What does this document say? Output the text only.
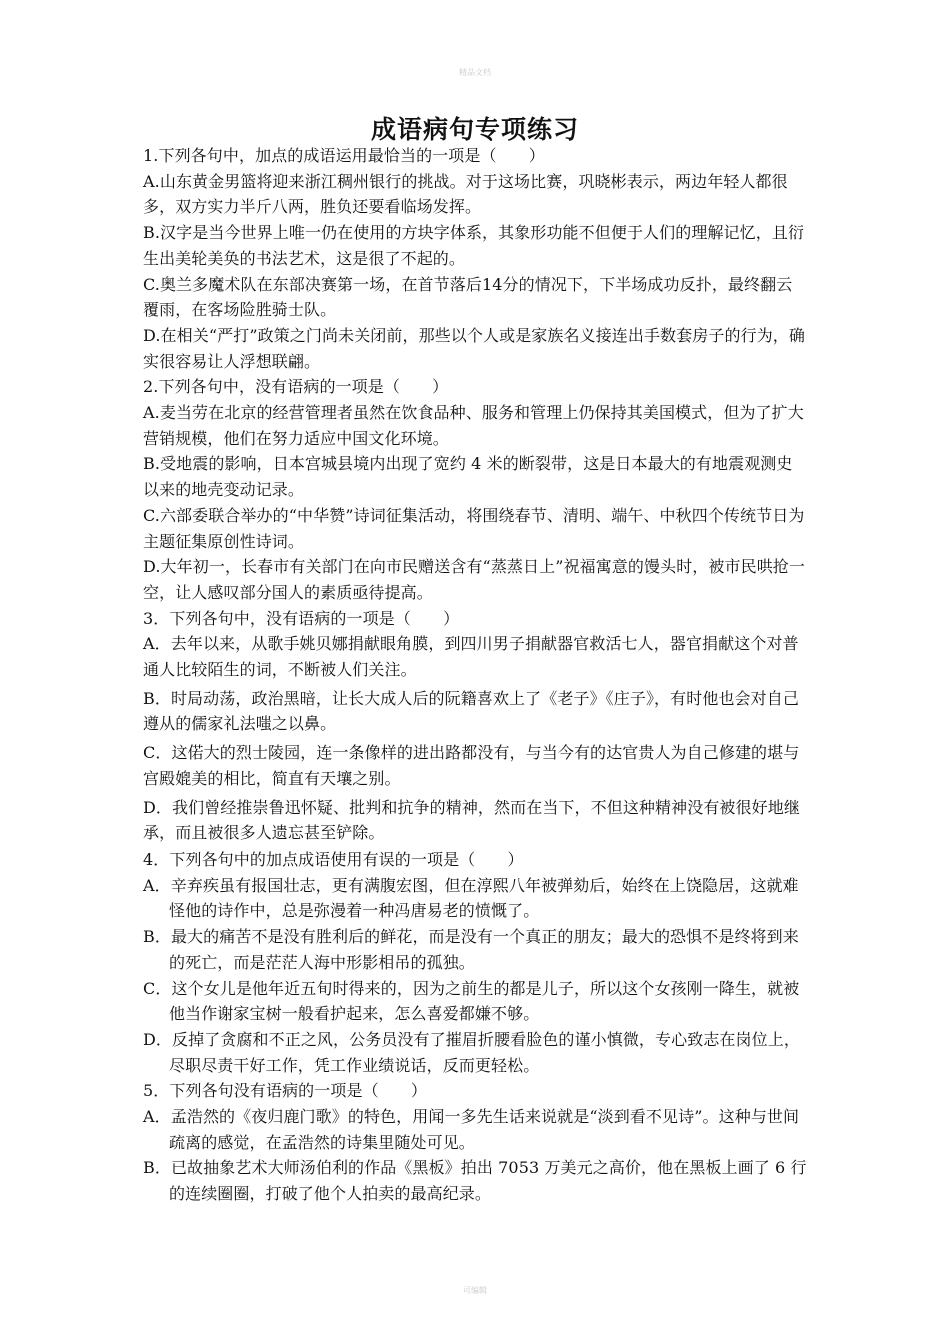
精品文档
成语病句专项练习

1.下列各句中，加点的成语运用最恰当的一项是（　　）

A.山东黄金男篮将迎来浙江稠州银行的挑战。对于这场比赛，巩晓彬表示，两边年轻人都很多，双方实力半斤八两，胜负还要看临场发挥。

B.汉字是当今世界上唯一仍在使用的方块字体系，其象形功能不但便于人们的理解记忆，且衍生出美轮美奂的书法艺术，这是很了不起的。

C.奥兰多魔术队在东部决赛第一场，在首节落后14分的情况下，下半场成功反扑，最终翻云覆雨，在客场险胜骑士队。

D.在相关“严打”政策之门尚未关闭前，那些以个人或是家族名义接连出手数套房子的行为，确实很容易让人浮想联翩。

2.下列各句中，没有语病的一项是（　　）

A.麦当劳在北京的经营管理者虽然在饮食品种、服务和管理上仍保持其美国模式，但为了扩大营销规模，他们在努力适应中国文化环境。

B.受地震的影响，日本宫城县境内出现了宽约 4 米的断裂带，这是日本最大的有地震观测史以来的地壳变动记录。

C.六部委联合举办的“中华赞”诗词征集活动，将围绕春节、清明、端午、中秋四个传统节日为主题征集原创性诗词。

D.大年初一，长春市有关部门在向市民赠送含有“蒸蒸日上”祝福寓意的馒头时，被市民哄抢一空，让人感叹部分国人的素质亟待提高。

3．下列各句中，没有语病的一项是（　　）

A．去年以来，从歌手姚贝娜捐献眼角膜，到四川男子捐献器官救活七人，器官捐献这个对普通人比较陌生的词，不断被人们关注。

B．时局动荡，政治黑暗，让长大成人后的阮籍喜欢上了《老子》《庄子》，有时他也会对自己遵从的儒家礼法嗤之以鼻。

C．这偌大的烈士陵园，连一条像样的进出路都没有，与当今有的达官贵人为自己修建的堪与宫殿媲美的相比，简直有天壤之别。

D．我们曾经推崇鲁迅怀疑、批判和抗争的精神，然而在当下，不但这种精神没有被很好地继承，而且被很多人遗忘甚至铲除。

4．下列各句中的加点成语使用有误的一项是（　　）

A．辛弃疾虽有报国壮志，更有满腹宏图，但在淳熙八年被弹劾后，始终在上饶隐居，这就难怪他的诗作中，总是弥漫着一种冯唐易老的愤慨了。

B．最大的痛苦不是没有胜利后的鲜花，而是没有一个真正的朋友；最大的恐惧不是终将到来的死亡，而是茫茫人海中形影相吊的孤独。

C．这个女儿是他年近五旬时得来的，因为之前生的都是儿子，所以这个女孩刚一降生，就被他当作谢家宝树一般看护起来，怎么喜爱都嫌不够。

D．反掉了贪腐和不正之风，公务员没有了摧眉折腰看脸色的谨小慎微，专心致志在岗位上，尽职尽责干好工作，凭工作业绩说话，反而更轻松。

5．下列各句没有语病的一项是（　　）

A．孟浩然的《夜归鹿门歌》的特色，用闻一多先生话来说就是“淡到看不见诗”。这种与世间疏离的感觉，在孟浩然的诗集里随处可见。

B．已故抽象艺术大师汤伯利的作品《黑板》拍出 7053 万美元之高价，他在黑板上画了 6 行的连续圈圈，打破了他个人拍卖的最高纪录。

可编辑
